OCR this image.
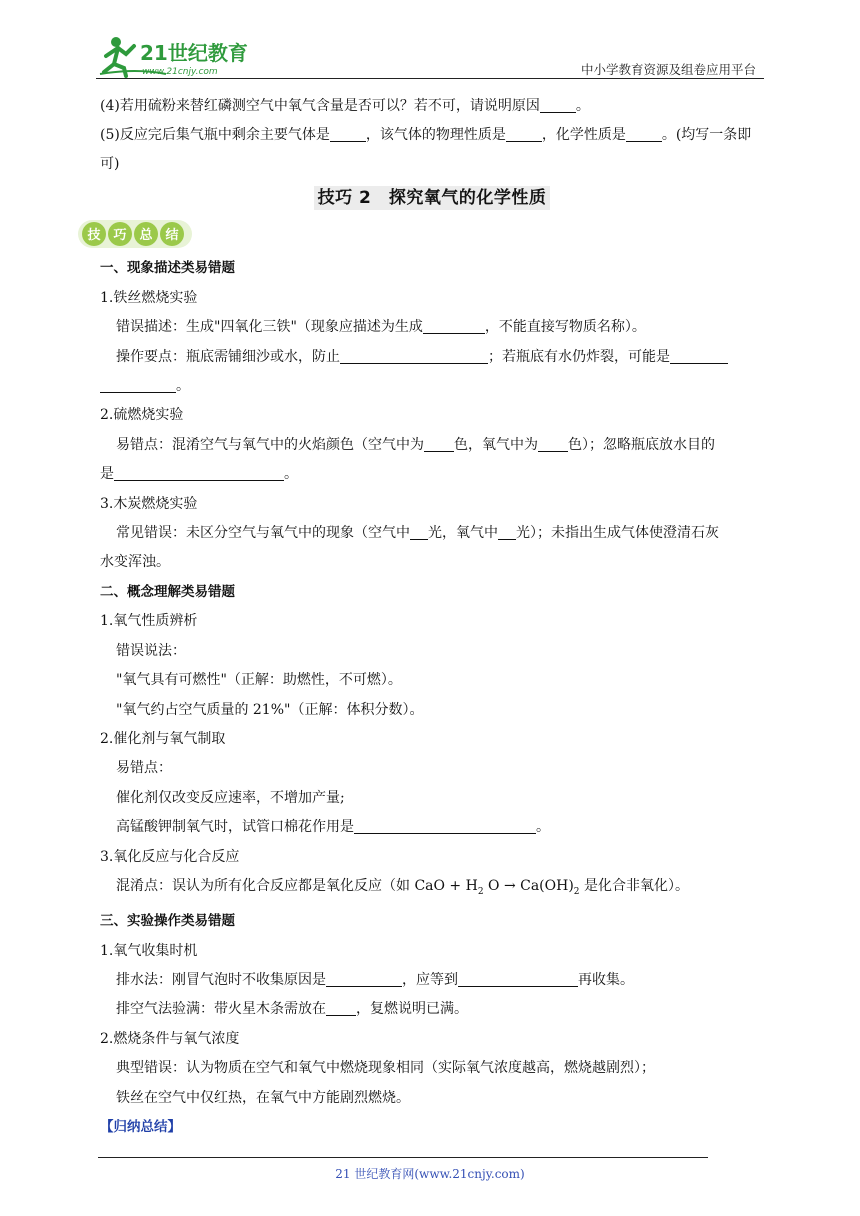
21世纪教育
www.21cnjy.com	中小学教育资源及组卷应用平台
(4)若用硫粉来替红磷测空气中氧气含量是否可以？若不可，请说明原因	。
(5)反应完后集气瓶中剩余主要气体是	，该气体的物理性质是	，化学性质是	。(均写一条即可)
技巧 2　探究氧气的化学性质
技 巧 总 结
一、现象描述类易错题
1.铁丝燃烧实验
错误描述：生成"四氧化三铁"（现象应描述为生成	，不能直接写物质名称）。
操作要点：瓶底需铺细沙或水，防止	；若瓶底有水仍炸裂，可能是
。
2.硫燃烧实验
易错点：混淆空气与氧气中的火焰颜色（空气中为 色，氧气中为 色）；忽略瓶底放水目的
是	。
3.木炭燃烧实验
常见错误：未区分空气与氧气中的现象（空气中 光，氧气中 光）；未指出生成气体使澄清石灰
水变浑浊。
二、概念理解类易错题
1.氧气性质辨析
错误说法：
"氧气具有可燃性"（正解：助燃性，不可燃）。
"氧气约占空气质量的 21%"（正解：体积分数）。
2.催化剂与氧气制取
易错点：
催化剂仅改变反应速率，不增加产量;
高锰酸钾制氧气时，试管口棉花作用是	。
3.氧化反应与化合反应
混淆点：误认为所有化合反应都是氧化反应（如 CaO + $H_2$ $O \to Ca(OH)_2$ 是化合非氧化）。
三、实验操作类易错题
1.氧气收集时机
排水法：刚冒气泡时不收集原因是	，应等到	再收集。
排空气法验满：带火星木条需放在 ，复燃说明已满。
2.燃烧条件与氧气浓度
典型错误：认为物质在空气和氧气中燃烧现象相同（实际氧气浓度越高，燃烧越剧烈）；
铁丝在空气中仅红热，在氧气中方能剧烈燃烧。
【归纳总结】
21 世纪教育网(www.21cnjy.com)
